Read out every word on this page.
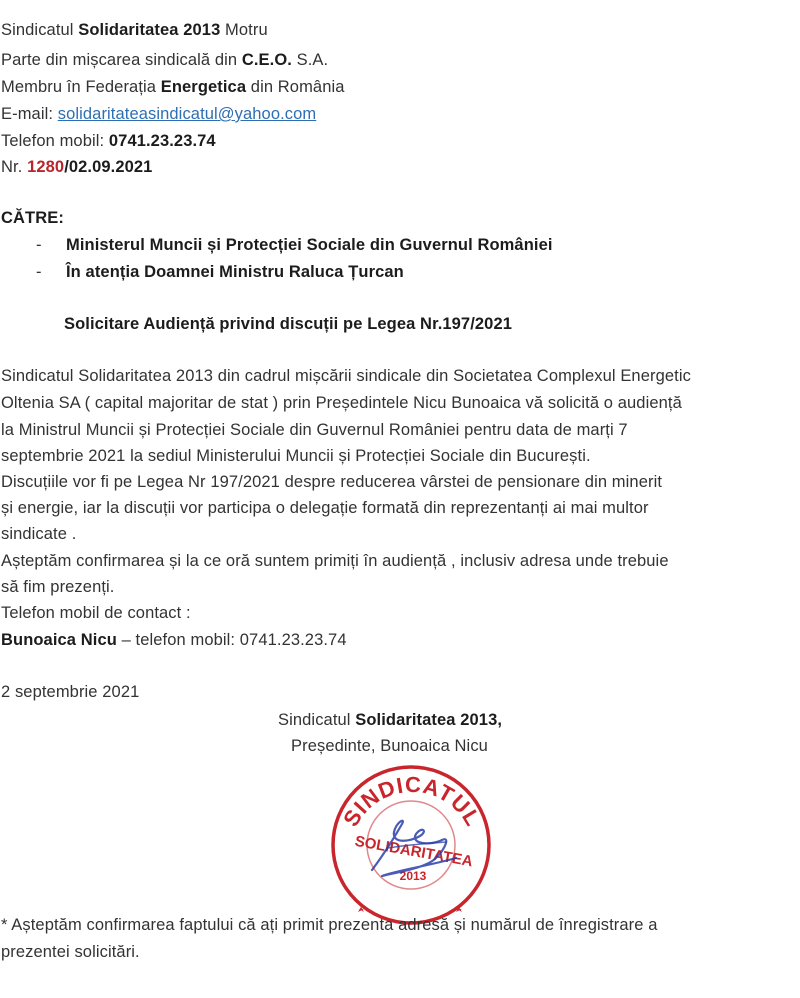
Sindicatul Solidaritatea 2013 Motru
Parte din mișcarea sindicală din C.E.O. S.A.
Membru în Federația Energetica din România
E-mail: solidaritateasindicatul@yahoo.com
Telefon mobil: 0741.23.23.74
Nr. 1280/02.09.2021
CĂTRE:
- Ministerul Muncii și Protecției Sociale din Guvernul României
- În atenția Doamnei Ministru Raluca Țurcan
Solicitare Audiență privind discuții pe Legea Nr.197/2021
Sindicatul Solidaritatea 2013 din cadrul mișcării sindicale din Societatea Complexul Energetic
Oltenia SA ( capital majoritar de stat ) prin Președintele Nicu Bunoaica vă solicită o audiență
la Ministrul Muncii și Protecției Sociale din Guvernul României pentru data de marți 7
septembrie 2021 la sediul Ministerului Muncii și Protecției Sociale din București.
Discuțiile vor fi pe Legea Nr 197/2021 despre reducerea vârstei de pensionare din minerit
și energie, iar la discuții vor participa o delegație formată din reprezentanți ai mai multor
sindicate .
Așteptăm confirmarea și la ce oră suntem primiți în audiență , inclusiv adresa unde trebuie
să fim prezenți.
Telefon mobil de contact :
Bunoaica Nicu – telefon mobil: 0741.23.23.74
2 septembrie 2021
Sindicatul Solidaritatea 2013,
Președinte, Bunoaica Nicu
SINDICATUL
SOLIDARITATEA
2013
* Așteptăm confirmarea faptului că ați primit prezenta adresă și numărul de înregistrare a
prezentei solicitări.
